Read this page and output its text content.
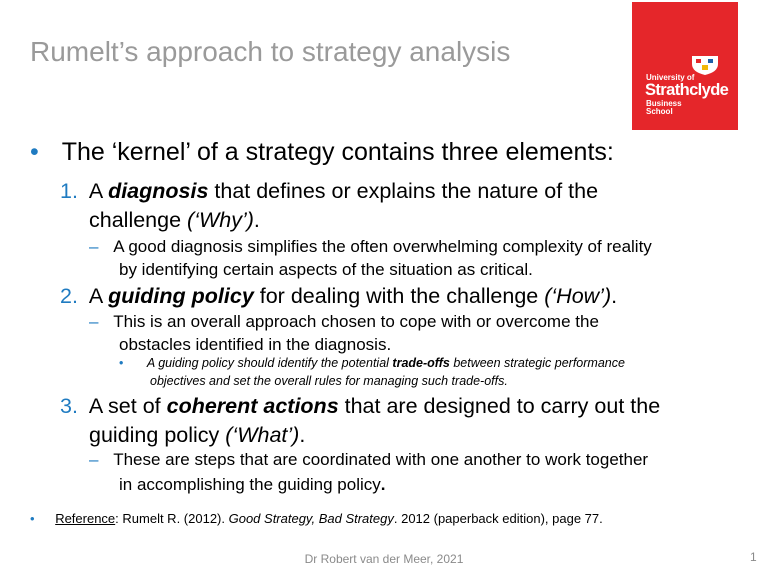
Rumelt’s approach to strategy analysis
University of
Strathclyde
Business
School
• The ‘kernel’ of a strategy contains three elements:
1. A diagnosis that defines or explains the nature of the
challenge (‘Why’).
– A good diagnosis simplifies the often overwhelming complexity of reality
by identifying certain aspects of the situation as critical.
2. A guiding policy for dealing with the challenge (‘How’).
– This is an overall approach chosen to cope with or overcome the
obstacles identified in the diagnosis.
• A guiding policy should identify the potential trade-offs between strategic performance
objectives and set the overall rules for managing such trade-offs.
3. A set of coherent actions that are designed to carry out the
guiding policy (‘What’).
– These are steps that are coordinated with one another to work together
in accomplishing the guiding policy.
• Reference: Rumelt R. (2012). Good Strategy, Bad Strategy. 2012 (paperback edition), page 77.
Dr Robert van der Meer, 2021	1
